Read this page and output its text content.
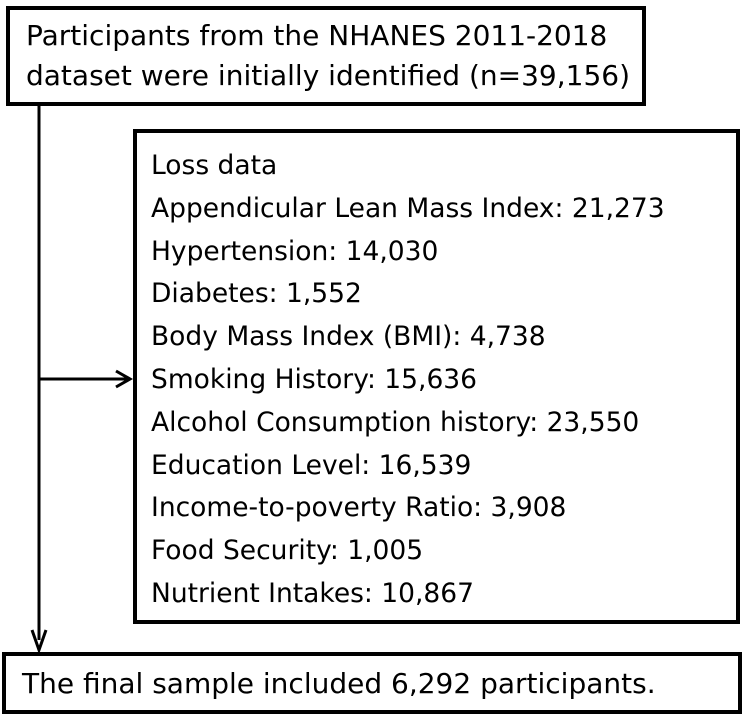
Participants from the NHANES 2011-2018
dataset were initially identified (n=39,156)
Loss data
Appendicular Lean Mass Index: 21,273
Hypertension: 14,030
Diabetes: 1,552
Body Mass Index (BMI): 4,738
Smoking History: 15,636
Alcohol Consumption history: 23,550
Education Level: 16,539
Income-to-poverty Ratio: 3,908
Food Security: 1,005
Nutrient Intakes: 10,867
The final sample included 6,292 participants.
